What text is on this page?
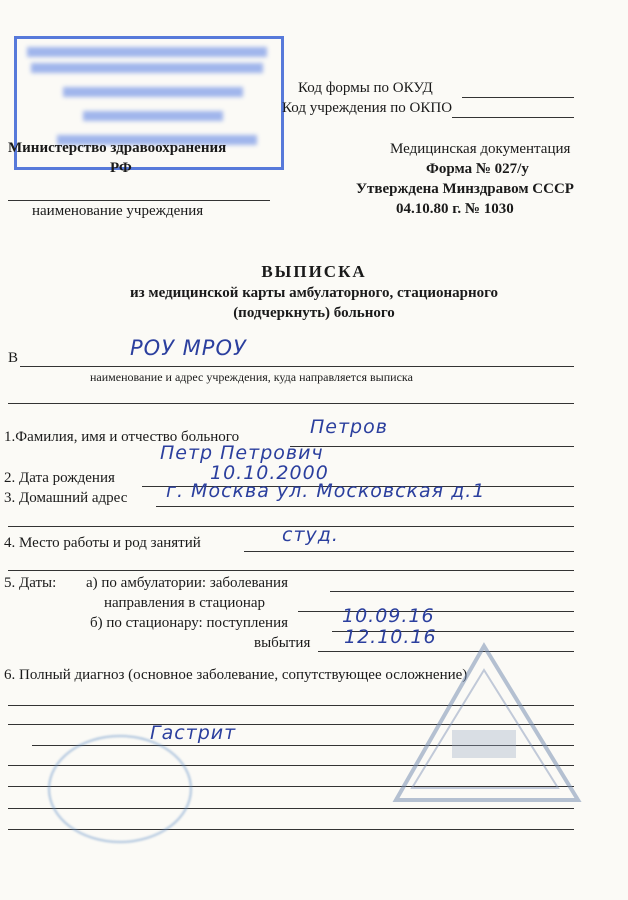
Код формы по ОКУД
Код учреждения по ОКПО
Министерство здравоохранения
РФ
наименование учреждения
Медицинская документация
Форма № 027/у
Утверждена Минздравом СССР
04.10.80 г. № 1030
ВЫПИСКА
из медицинской карты амбулаторного, стационарного
(подчеркнуть) больного
В	РОУ МРОУ
наименование и адрес учреждения, куда направляется выписка
1.Фамилия, имя и отчество больного	Петров
Петр Петрович
2. Дата рождения	10.10.2000
3. Домашний адрес г. Москва ул. Московская д.1
4. Место работы и род занятий	студ.
5. Даты: а) по амбулатории: заболевания
направления в стационар
б) по стационару: поступления	10.09.16
выбытия 12.10.16
6. Полный диагноз (основное заболевание, сопутствующее осложнение)
Гастрит
